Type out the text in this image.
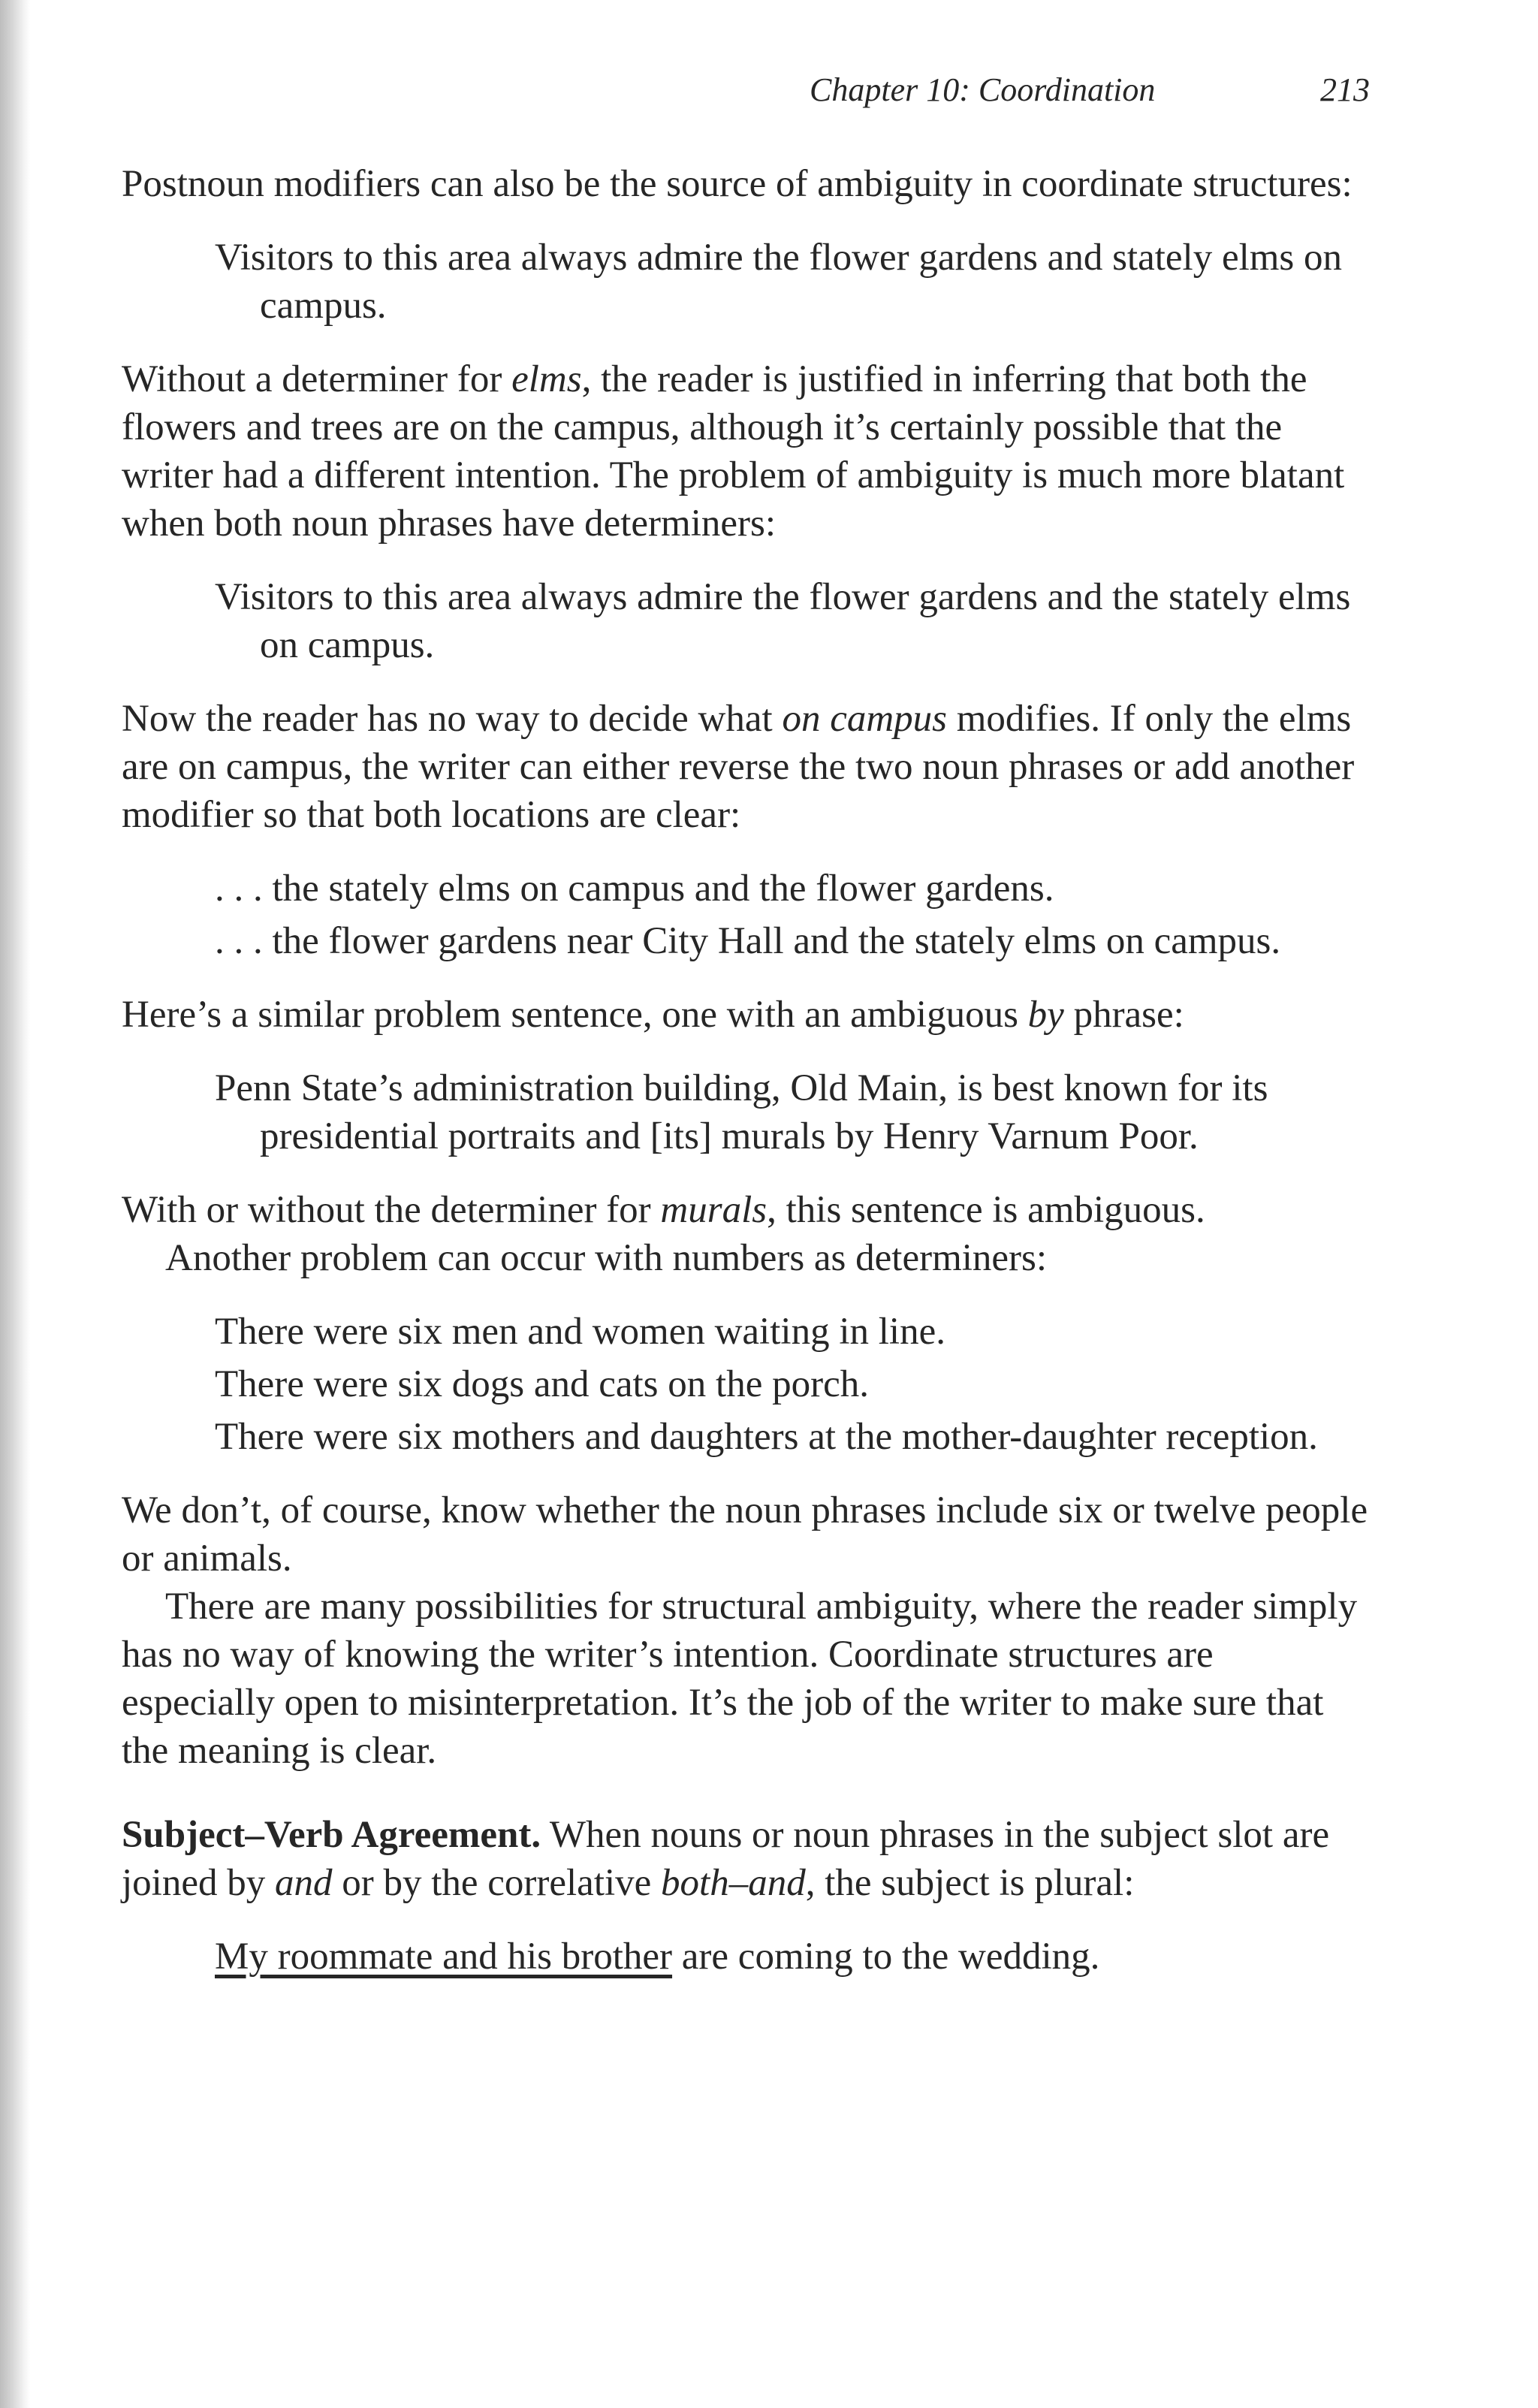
Chapter 10: Coordination	213

Postnoun modifiers can also be the source of ambiguity in coordinate structures:

Visitors to this area always admire the flower gardens and stately elms on campus.

Without a determiner for elms, the reader is justified in inferring that both the flowers and trees are on the campus, although it’s certainly possible that the writer had a different intention. The problem of ambiguity is much more blatant when both noun phrases have determiners:

Visitors to this area always admire the flower gardens and the stately elms on campus.

Now the reader has no way to decide what on campus modifies. If only the elms are on campus, the writer can either reverse the two noun phrases or add another modifier so that both locations are clear:

. . . the stately elms on campus and the flower gardens.

. . . the flower gardens near City Hall and the stately elms on campus.

Here’s a similar problem sentence, one with an ambiguous by phrase:

Penn State’s administration building, Old Main, is best known for its presidential portraits and [its] murals by Henry Varnum Poor.

With or without the determiner for murals, this sentence is ambiguous.

Another problem can occur with numbers as determiners:

There were six men and women waiting in line.

There were six dogs and cats on the porch.

There were six mothers and daughters at the mother-daughter reception.

We don’t, of course, know whether the noun phrases include six or twelve people or animals.

There are many possibilities for structural ambiguity, where the reader simply has no way of knowing the writer’s intention. Coordinate structures are especially open to misinterpretation. It’s the job of the writer to make sure that the meaning is clear.

Subject–Verb Agreement. When nouns or noun phrases in the subject slot are joined by and or by the correlative both–and, the subject is plural:

My roommate and his brother are coming to the wedding.
